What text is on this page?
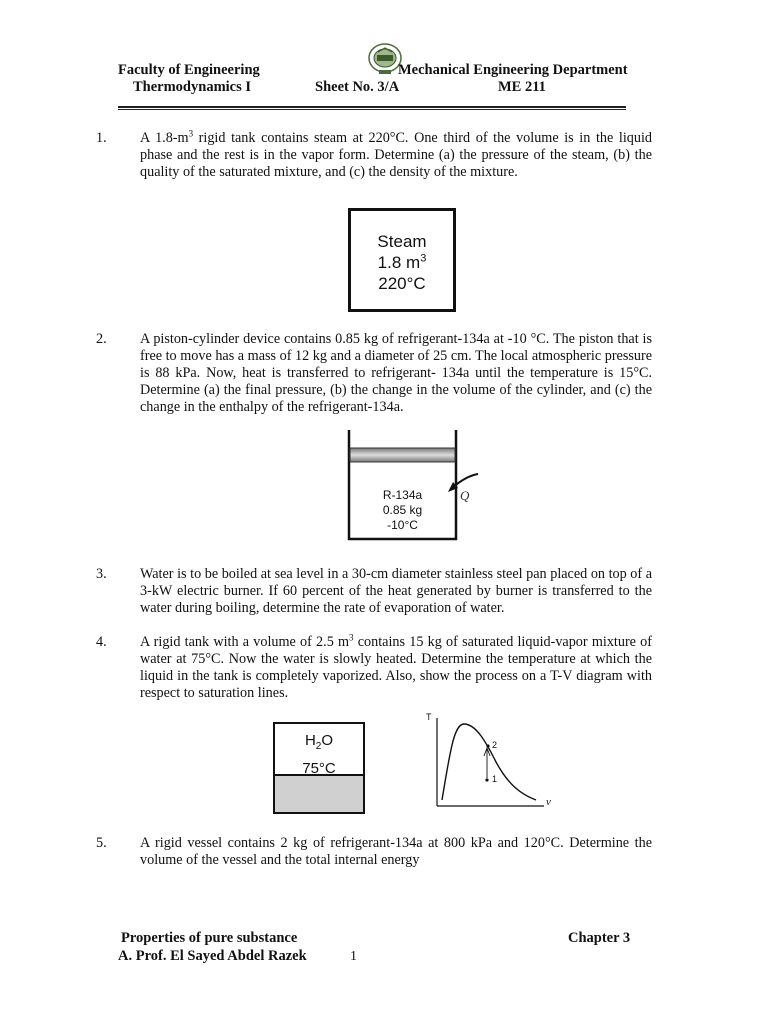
Faculty of Engineering	Mechanical Engineering Department
Thermodynamics I	Sheet No. 3/A	ME 211

1. A $1.8-m^3$ rigid tank contains steam at 220°C. One third of the volume is in the liquid phase and the rest is in the vapor form. Determine (a) the pressure of the steam, (b) the quality of the saturated mixture, and (c) the density of the mixture.

Steam
1.8 $m^3$
220°C

2. A piston-cylinder device contains 0.85 kg of refrigerant-134a at -10 °C. The piston that is free to move has a mass of 12 kg and a diameter of 25 cm. The local atmospheric pressure is 88 kPa. Now, heat is transferred to refrigerant- 134a until the temperature is 15°C. Determine (a) the final pressure, (b) the change in the volume of the cylinder, and (c) the change in the enthalpy of the refrigerant-134a.

R-134a
0.85 kg
-10°C
Q

3. Water is to be boiled at sea level in a 30-cm diameter stainless steel pan placed on top of a 3-kW electric burner. If 60 percent of the heat generated by burner is transferred to the water during boiling, determine the rate of evaporation of water.

4. A rigid tank with a volume of 2.5 $m^3$ contains 15 kg of saturated liquid-vapor mixture of water at 75°C. Now the water is slowly heated. Determine the temperature at which the liquid in the tank is completely vaporized. Also, show the process on a T-V diagram with respect to saturation lines.

$H_2O$
75°C
T
v
1
2

5. A rigid vessel contains 2 kg of refrigerant-134a at 800 kPa and 120°C. Determine the volume of the vessel and the total internal energy

Properties of pure substance	Chapter 3
A. Prof. El Sayed Abdel Razek	1
